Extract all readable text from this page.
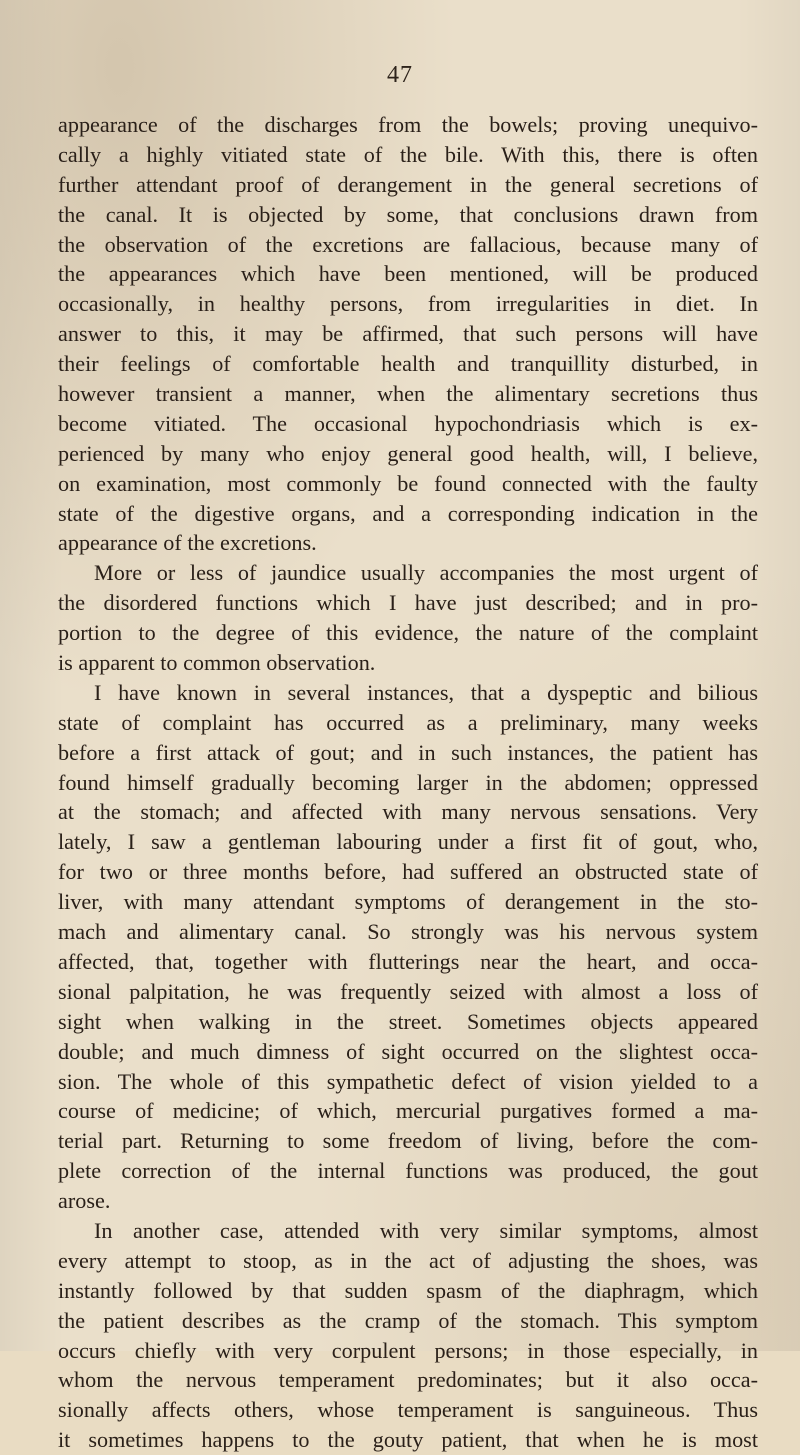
47
appearance of the discharges from the bowels; proving unequivo-
cally a highly vitiated state of the bile. With this, there is often
further attendant proof of derangement in the general secretions of
the canal. It is objected by some, that conclusions drawn from
the observation of the excretions are fallacious, because many of
the appearances which have been mentioned, will be produced
occasionally, in healthy persons, from irregularities in diet. In
answer to this, it may be affirmed, that such persons will have
their feelings of comfortable health and tranquillity disturbed, in
however transient a manner, when the alimentary secretions thus
become vitiated. The occasional hypochondriasis which is ex-
perienced by many who enjoy general good health, will, I believe,
on examination, most commonly be found connected with the faulty
state of the digestive organs, and a corresponding indication in the
appearance of the excretions.
More or less of jaundice usually accompanies the most urgent of
the disordered functions which I have just described; and in pro-
portion to the degree of this evidence, the nature of the complaint
is apparent to common observation.
I have known in several instances, that a dyspeptic and bilious
state of complaint has occurred as a preliminary, many weeks
before a first attack of gout; and in such instances, the patient has
found himself gradually becoming larger in the abdomen; oppressed
at the stomach; and affected with many nervous sensations. Very
lately, I saw a gentleman labouring under a first fit of gout, who,
for two or three months before, had suffered an obstructed state of
liver, with many attendant symptoms of derangement in the sto-
mach and alimentary canal. So strongly was his nervous system
affected, that, together with flutterings near the heart, and occa-
sional palpitation, he was frequently seized with almost a loss of
sight when walking in the street. Sometimes objects appeared
double; and much dimness of sight occurred on the slightest occa-
sion. The whole of this sympathetic defect of vision yielded to a
course of medicine; of which, mercurial purgatives formed a ma-
terial part. Returning to some freedom of living, before the com-
plete correction of the internal functions was produced, the gout
arose.
In another case, attended with very similar symptoms, almost
every attempt to stoop, as in the act of adjusting the shoes, was
instantly followed by that sudden spasm of the diaphragm, which
the patient describes as the cramp of the stomach. This symptom
occurs chiefly with very corpulent persons; in those especially, in
whom the nervous temperament predominates; but it also occa-
sionally affects others, whose temperament is sanguineous. Thus
it sometimes happens to the gouty patient, that when he is most
